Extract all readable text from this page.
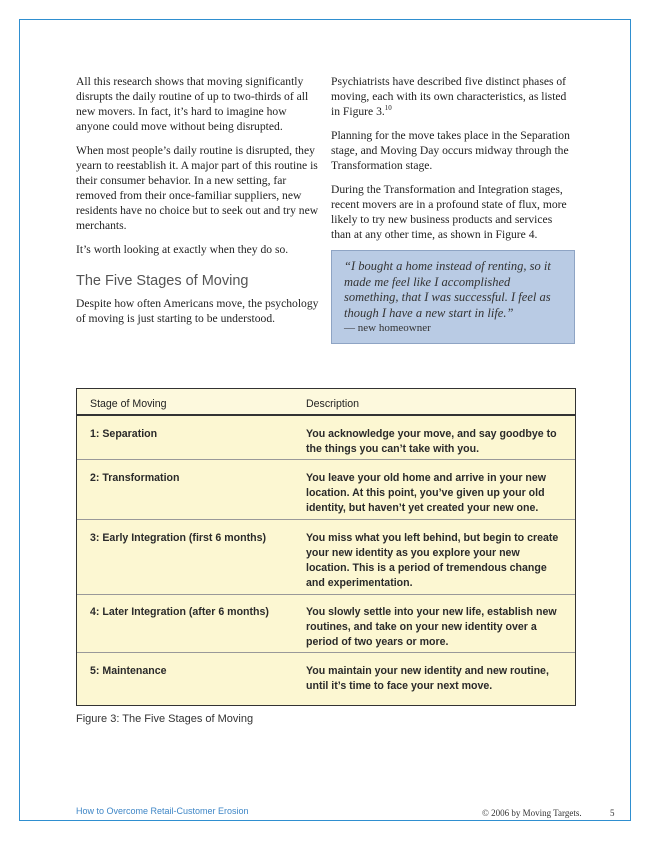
All this research shows that moving significantly disrupts the daily routine of up to two-thirds of all new movers. In fact, it’s hard to imagine how anyone could move without being disrupted.

When most people’s daily routine is disrupted, they yearn to reestablish it. A major part of this routine is their consumer behavior. In a new setting, far removed from their once-familiar suppliers, new residents have no choice but to seek out and try new merchants.

It’s worth looking at exactly when they do so.

The Five Stages of Moving
Despite how often Americans move, the psychology of moving is just starting to be understood.

Psychiatrists have described five distinct phases of moving, each with its own characteristics, as listed in Figure 3.10

Planning for the move takes place in the Separation stage, and Moving Day occurs midway through the Transformation stage.

During the Transformation and Integration stages, recent movers are in a profound state of flux, more likely to try new business products and services than at any other time, as shown in Figure 4.

“I bought a home instead of renting, so it made me feel like I accomplished something, that I was successful. I feel as though I have a new start in life.”
— new homeowner
Stage of Moving	Description
1: Separation	You acknowledge your move, and say goodbye to the things you can’t take with you.
2: Transformation	You leave your old home and arrive in your new location. At this point, you’ve given up your old identity, but haven’t yet created your new one.
3: Early Integration (first 6 months)	You miss what you left behind, but begin to create your new identity as you explore your new location. This is a period of tremendous change and experimentation.
4: Later Integration (after 6 months)	You slowly settle into your new life, establish new routines, and take on your new identity over a period of two years or more.
5: Maintenance	You maintain your new identity and new routine, until it’s time to face your next move.
Figure 3: The Five Stages of Moving
How to Overcome Retail-Customer Erosion	© 2006 by Moving Targets.	5
